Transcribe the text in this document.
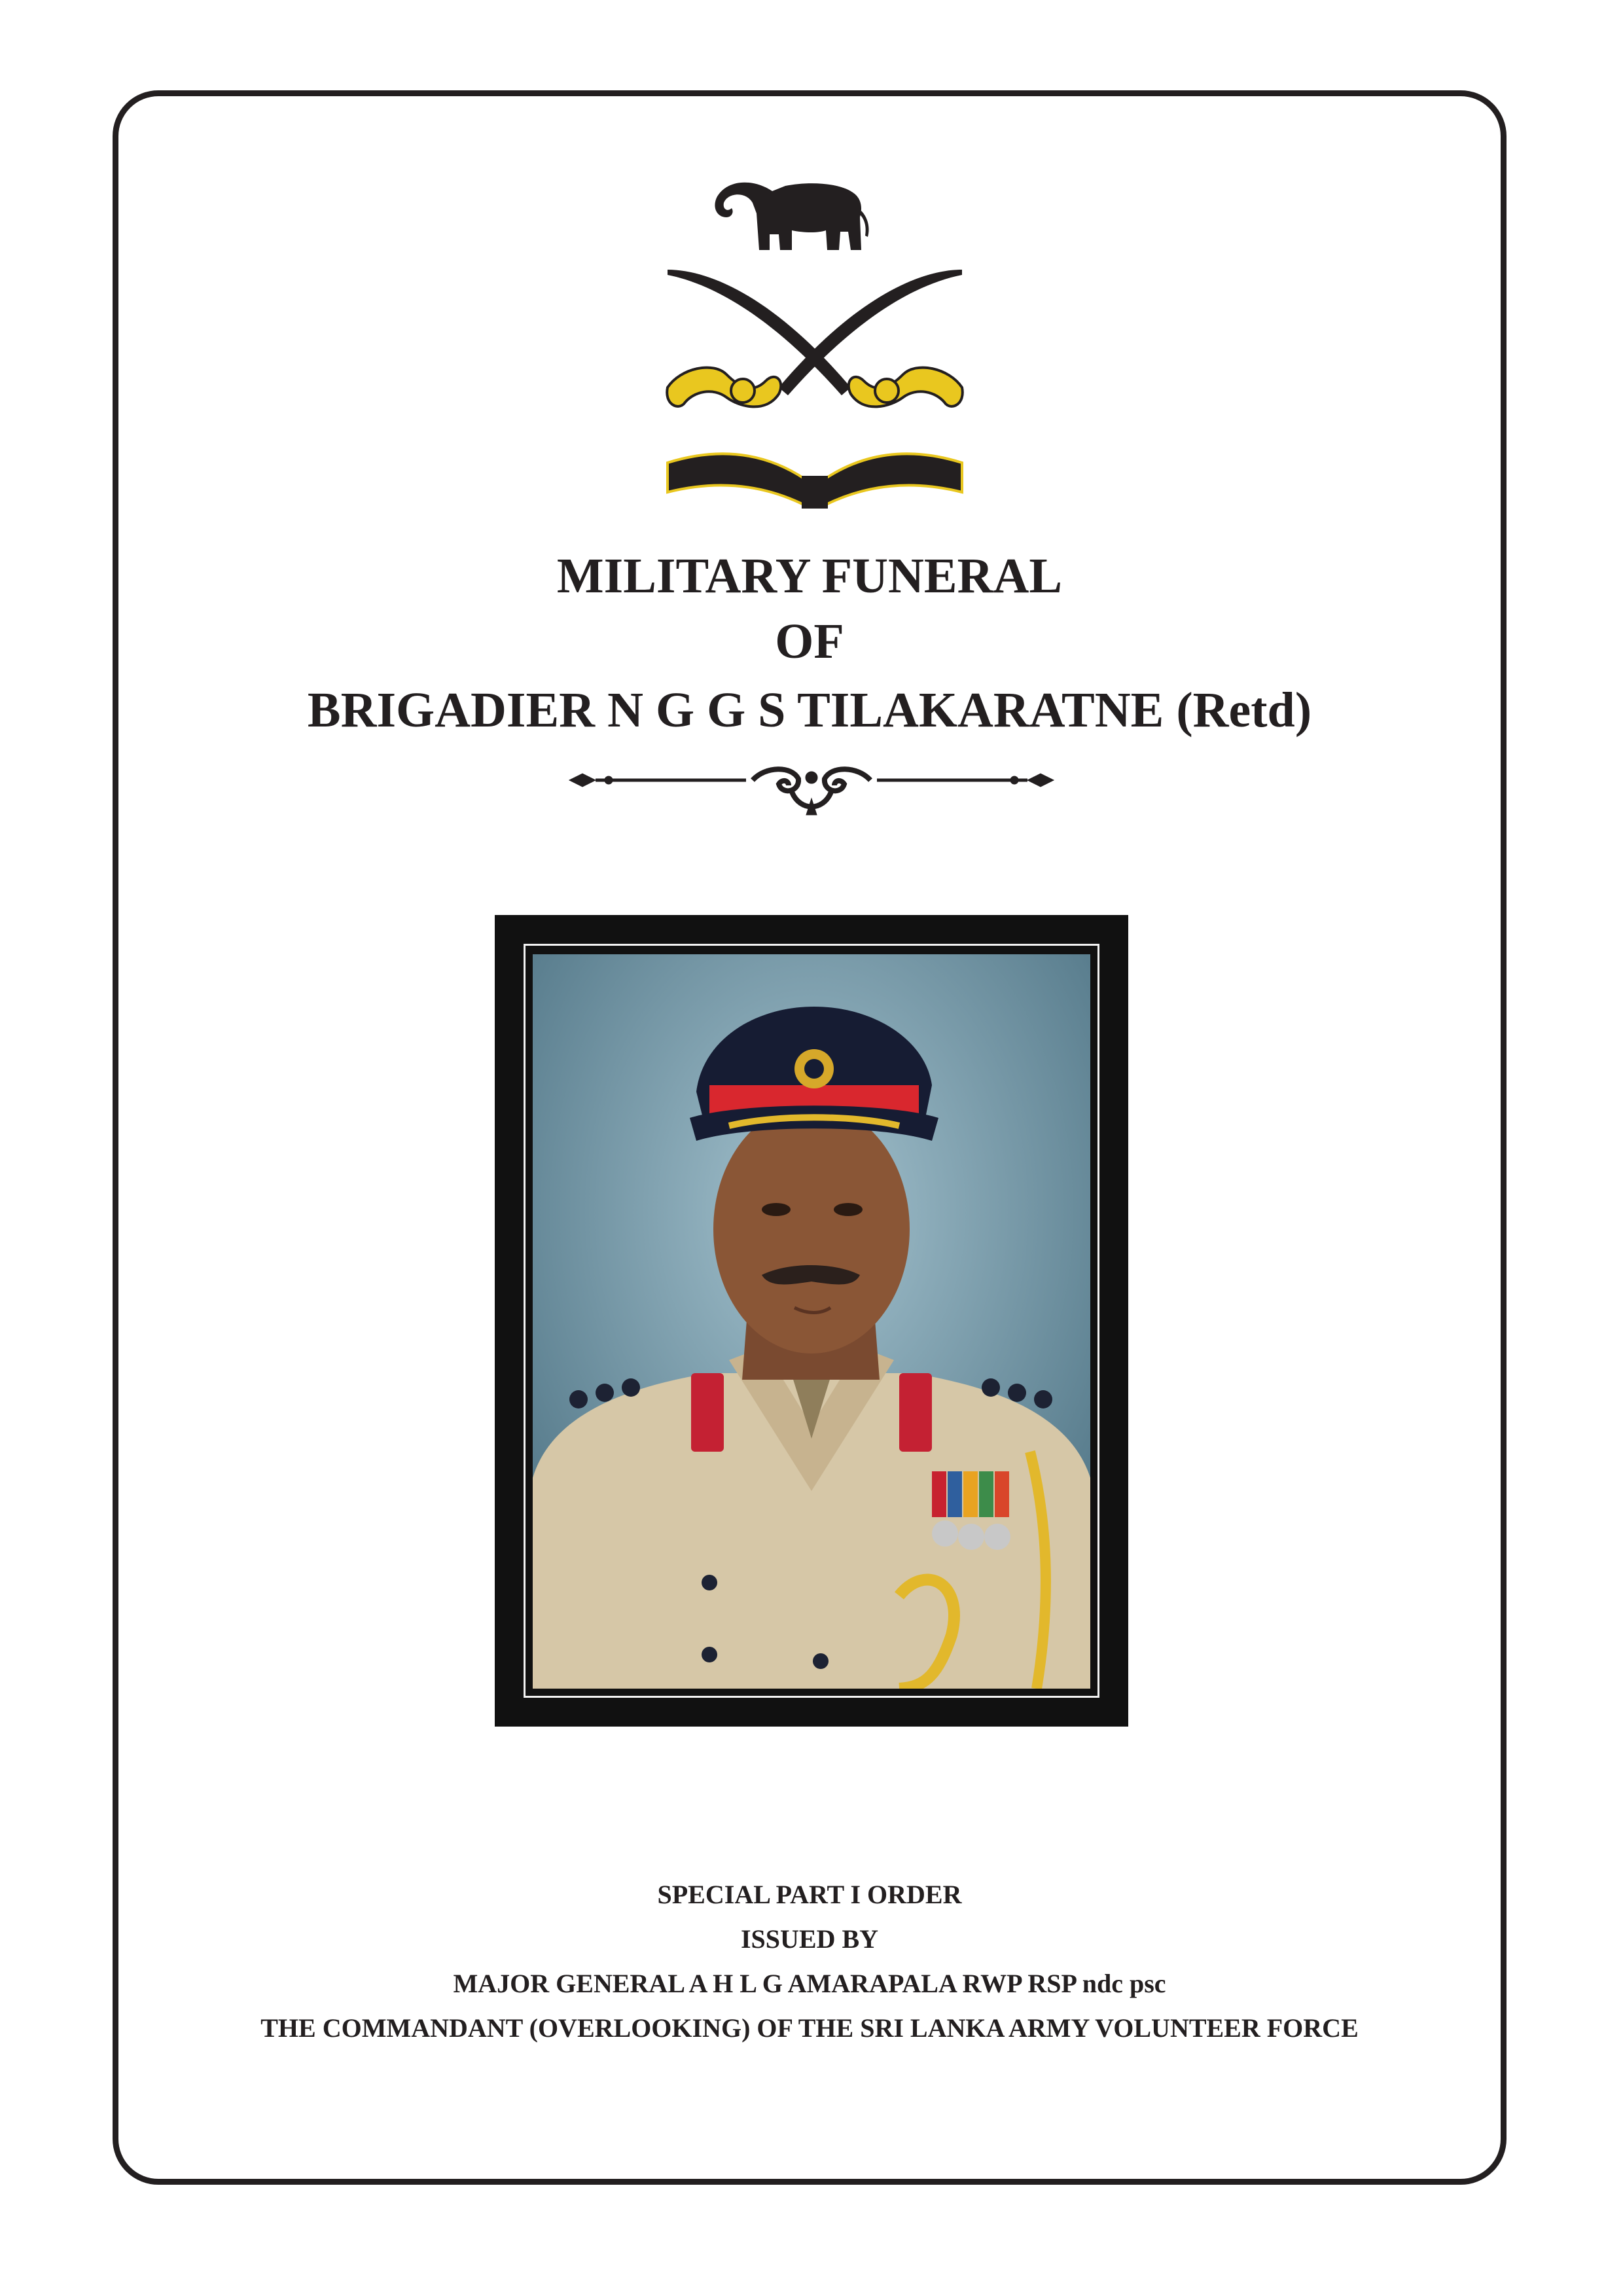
MILITARY FUNERAL
OF
BRIGADIER N G G S TILAKARATNE (Retd)
SPECIAL PART I ORDER
ISSUED BY
MAJOR GENERAL A H L G AMARAPALA RWP RSP ndc psc
THE COMMANDANT (OVERLOOKING) OF THE SRI LANKA ARMY VOLUNTEER FORCE
